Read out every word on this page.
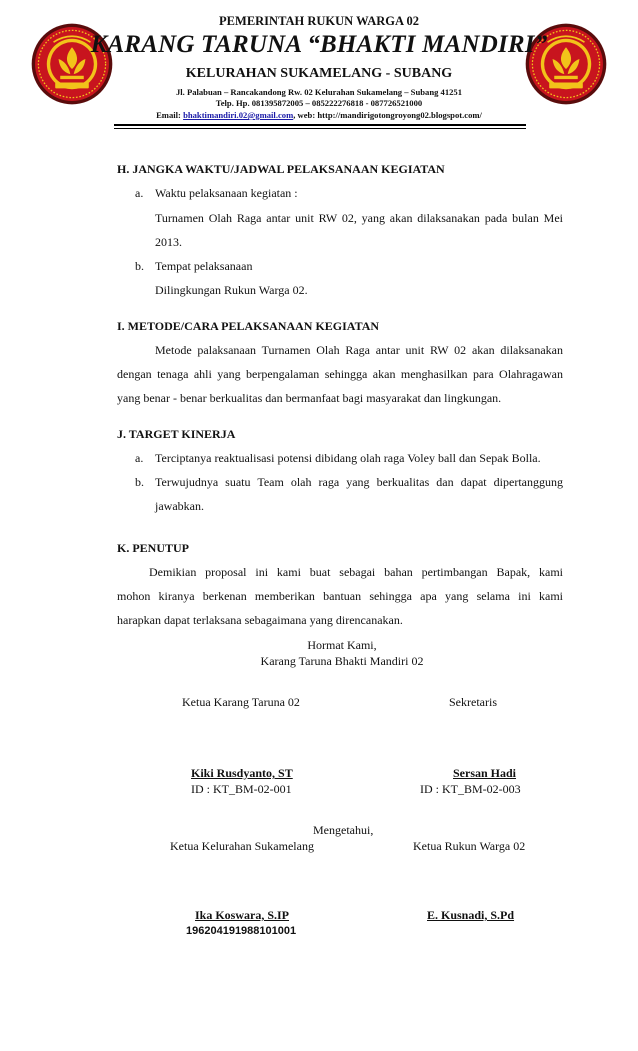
PEMERINTAH RUKUN WARGA 02
KARANG TARUNA “BHAKTI MANDIRI”
KELURAHAN SUKAMELANG - SUBANG
Jl. Palabuan – Rancakandong Rw. 02 Kelurahan Sukamelang – Subang 41251
Telp. Hp. 081395872005 – 085222276818 - 087726521000
Email: bhaktimandiri.02@gmail.com, web: http://mandirigotongroyong02.blogspot.com/
H. JANGKA WAKTU/JADWAL PELAKSANAAN KEGIATAN
a. Waktu pelaksanaan kegiatan :
Turnamen Olah Raga antar unit RW 02, yang akan dilaksanakan pada bulan Mei
2013.
b. Tempat pelaksanaan
Dilingkungan Rukun Warga 02.
I. METODE/CARA PELAKSANAAN KEGIATAN
Metode palaksanaan Turnamen Olah Raga antar unit RW 02 akan dilaksanakan
dengan tenaga ahli yang berpengalaman sehingga akan menghasilkan para Olahragawan
yang benar - benar berkualitas dan bermanfaat bagi masyarakat dan lingkungan.
J. TARGET KINERJA
a. Terciptanya reaktualisasi potensi dibidang olah raga Voley ball dan Sepak Bolla.
b. Terwujudnya suatu Team olah raga yang berkualitas dan dapat dipertanggung
jawabkan.
K. PENUTUP
Demikian proposal ini kami buat sebagai bahan pertimbangan Bapak, kami
mohon kiranya berkenan memberikan bantuan sehingga apa yang selama ini kami
harapkan dapat terlaksana sebagaimana yang direncanakan.
Hormat Kami,
Karang Taruna Bhakti Mandiri 02
Ketua Karang Taruna 02	Sekretaris
Kiki Rusdyanto, ST
ID : KT_BM-02-001
Sersan Hadi
ID : KT_BM-02-003
Mengetahui,
Ketua Kelurahan Sukamelang	Ketua Rukun Warga 02
Ika Koswara, S.IP
196204191988101001
E. Kusnadi, S.Pd
